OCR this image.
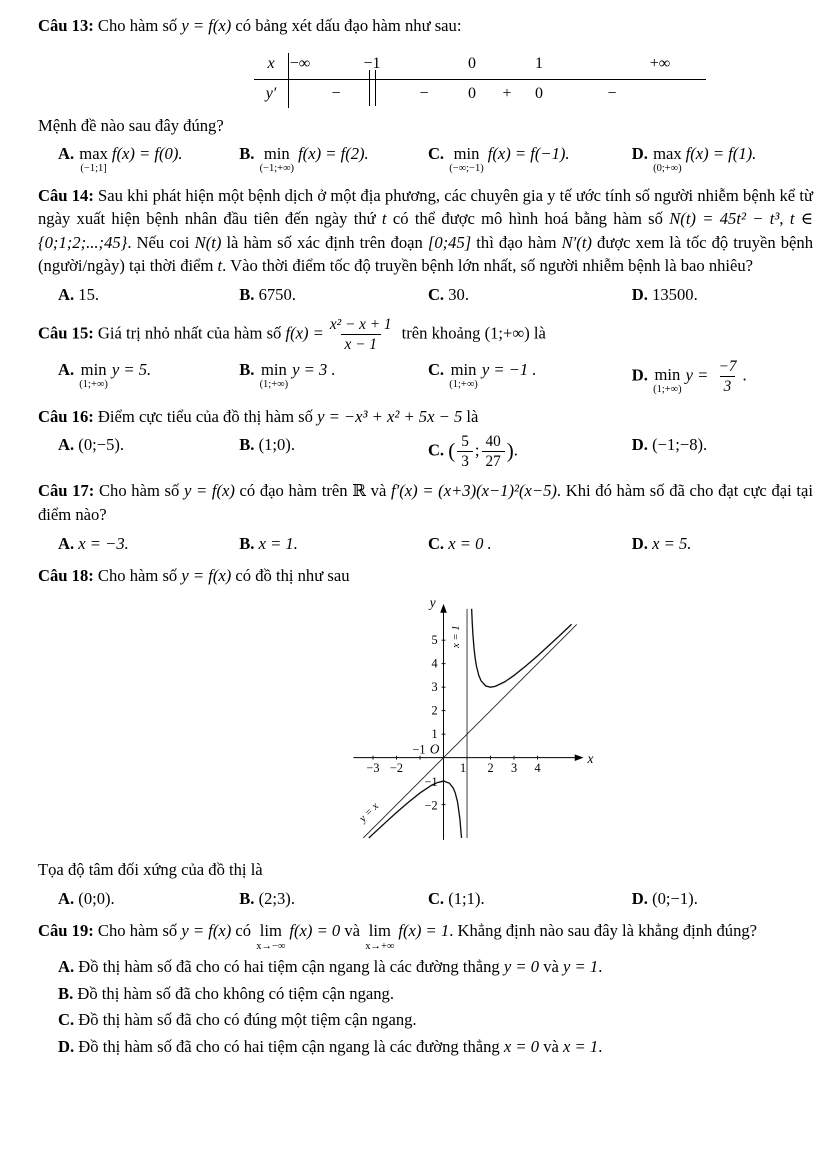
Câu 13: Cho hàm số y = f(x) có bảng xét dấu đạo hàm như sau:

x −∞	−1	0	1	+∞
y′	−	− 0 + 0	−

Mệnh đề nào sau đây đúng?

A. max
(−1;1]
f(x) = f(0).	B. min
(−1;+∞)
f(x) = f(2).	C. min
(−∞;−1)
f(x) = f(−1).	D. max
(0;+∞)
f(x) = f(1).

Câu 14: Sau khi phát hiện một bệnh dịch ở một địa phương, các chuyên gia y tế ước tính số người nhiễm bệnh kể từ ngày xuất hiện bệnh nhân đầu tiên đến ngày thứ t có thể được mô hình hoá bằng hàm số N(t) = 45t² − t³, t ∈ {0;1;2;...;45}. Nếu coi N(t) là hàm số xác định trên đoạn [0;45] thì đạo hàm N′(t) được xem là tốc độ truyền bệnh (người/ngày) tại thời điểm t. Vào thời điểm tốc độ truyền bệnh lớn nhất, số người nhiễm bệnh là bao nhiêu?

A. 15.	B. 6750.	C. 30.	D. 13500.

Câu 15: Giá trị nhỏ nhất của hàm số $f(x) = \frac{\text{x² − x + 1}}{x - 1}$ trên khoảng (1;+∞) là

A. min
(1;+∞)
y = 5.	B. min
(1;+∞)
y = 3 .	C. min
(1;+∞)
y = −1 .	D. min
(1;+∞)
$y = \frac{-7}{3}$ .

Câu 16: Điểm cực tiểu của đồ thị hàm số y = −x³ + x² + 5x − 5 là

A. (0;−5).	B. (1;0).	C. ( $\frac{5}{3}$ ; $\frac{40}{27}$ ).	D. (−1;−8).

Câu 17: Cho hàm số y = f(x) có đạo hàm trên ℝ và f′(x) = (x+3)(x−1)²(x−5). Khi đó hàm số đã cho đạt cực đại tại điểm nào?

A. x = −3.	B. x = 1.	C. x = 0 .	D. x = 5.

Câu 18: Cho hàm số y = f(x) có đồ thị như sau

y
x
5
4
3
2
1
−1
−2
−3 −2
−1 O
1 2 3 4
y = x
x = 1

Tọa độ tâm đối xứng của đồ thị là

A. (0;0).	B. (2;3).	C. (1;1).	D. (0;−1).

Câu 19: Cho hàm số y = f(x) có lim
x→−∞
f(x) = 0 và lim
x→+∞
f(x) = 1. Khẳng định nào sau đây là khẳng định đúng?

A. Đồ thị hàm số đã cho có hai tiệm cận ngang là các đường thẳng y = 0 và y = 1.

B. Đồ thị hàm số đã cho không có tiệm cận ngang.

C. Đồ thị hàm số đã cho có đúng một tiệm cận ngang.

D. Đồ thị hàm số đã cho có hai tiệm cận ngang là các đường thẳng x = 0 và x = 1.
